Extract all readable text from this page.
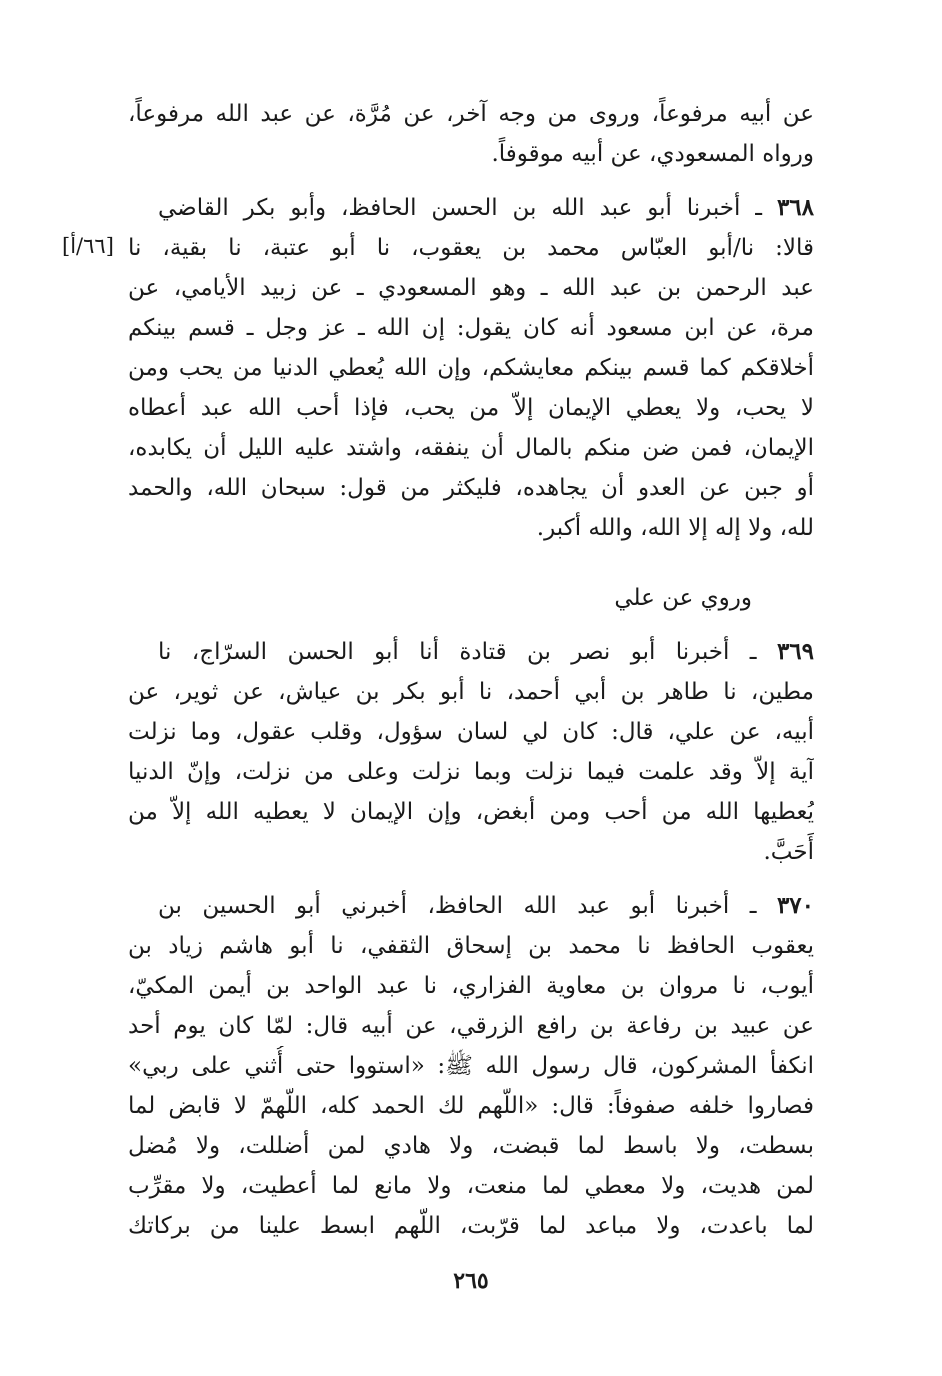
عن أبيه مرفوعاً، وروى من وجه آخر، عن مُرَّة، عن عبد الله مرفوعاً،
ورواه المسعودي، عن أبيه موقوفاً.
٣٦٨ ـ أخبرنا أبو عبد الله بن الحسن الحافظ، وأبو بكر القاضي
قالا: نا/أبو العبّاس محمد بن يعقوب، نا أبو عتبة، نا بقية، نا
[٦٦/أ]
عبد الرحمن بن عبد الله ـ وهو المسعودي ـ عن زبيد الأيامي، عن
مرة، عن ابن مسعود أنه كان يقول: إن الله ـ عز وجل ـ قسم بينكم
أخلاقكم كما قسم بينكم معايشكم، وإن الله يُعطي الدنيا من يحب ومن
لا يحب، ولا يعطي الإيمان إلاّ من يحب، فإذا أحب الله عبد أعطاه
الإيمان، فمن ضن منكم بالمال أن ينفقه، واشتد عليه الليل أن يكابده،
أو جبن عن العدو أن يجاهده، فليكثر من قول: سبحان الله، والحمد
لله، ولا إله إلا الله، والله أكبر.
وروي عن علي
٣٦٩ ـ أخبرنا أبو نصر بن قتادة أنا أبو الحسن السرّاج، نا
مطين، نا طاهر بن أبي أحمد، نا أبو بكر بن عياش، عن ثوير، عن
أبيه، عن علي، قال: كان لي لسان سؤول، وقلب عقول، وما نزلت
آية إلاّ وقد علمت فيما نزلت وبما نزلت وعلى من نزلت، وإنّ الدنيا
يُعطيها الله من أحب ومن أبغض، وإن الإيمان لا يعطيه الله إلاّ من
أَحَبَّ.
٣٧٠ ـ أخبرنا أبو عبد الله الحافظ، أخبرني أبو الحسين بن
يعقوب الحافظ نا محمد بن إسحاق الثقفي، نا أبو هاشم زياد بن
أيوب، نا مروان بن معاوية الفزاري، نا عبد الواحد بن أيمن المكيّ،
عن عبيد بن رفاعة بن رافع الزرقي، عن أبيه قال: لمّا كان يوم أحد
انكفأ المشركون، قال رسول الله ﷺ: «استووا حتى أُثني على ربي»
فصاروا خلفه صفوفاً: قال: «اللّهم لك الحمد كله، اللّهمّ لا قابض لما
بسطت، ولا باسط لما قبضت، ولا هادي لمن أضللت، ولا مُضل
لمن هديت، ولا معطي لما منعت، ولا مانع لما أعطيت، ولا مقرِّب
لما باعدت، ولا مباعد لما قرّبت، اللّهم ابسط علينا من بركاتك
٢٦٥
